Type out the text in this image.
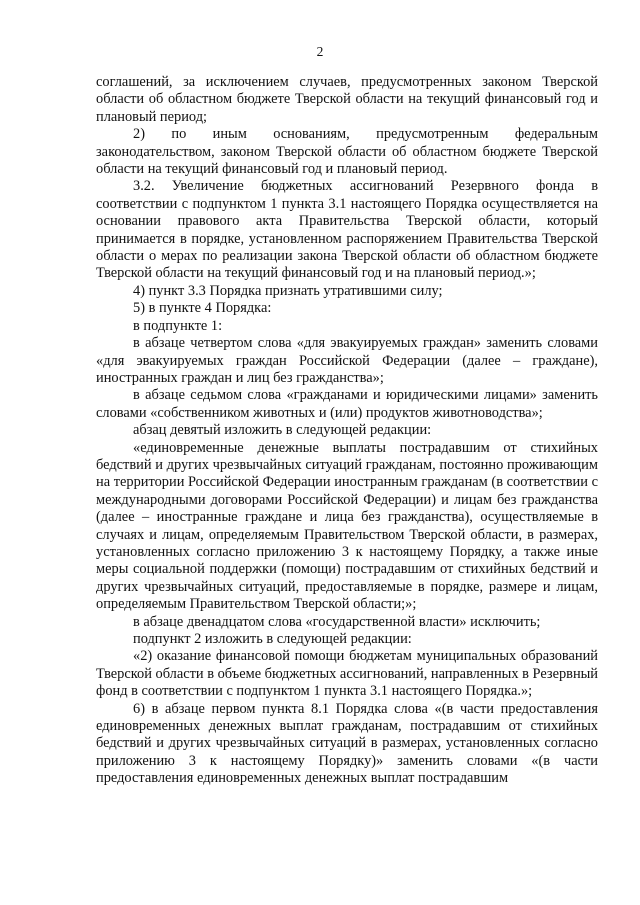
2

соглашений, за исключением случаев, предусмотренных законом Тверской области об областном бюджете Тверской области на текущий финансовый год и плановый период;

2) по иным основаниям, предусмотренным федеральным законодательством, законом Тверской области об областном бюджете Тверской области на текущий финансовый год и плановый период.

3.2. Увеличение бюджетных ассигнований Резервного фонда в соответствии с подпунктом 1 пункта 3.1 настоящего Порядка осуществляется на основании правового акта Правительства Тверской области, который принимается в порядке, установленном распоряжением Правительства Тверской области о мерах по реализации закона Тверской области об областном бюджете Тверской области на текущий финансовый год и на плановый период.»;

4) пункт 3.3 Порядка признать утратившими силу;

5) в пункте 4 Порядка:

в подпункте 1:

в абзаце четвертом слова «для эвакуируемых граждан» заменить словами «для эвакуируемых граждан Российской Федерации (далее – граждане), иностранных граждан и лиц без гражданства»;

в абзаце седьмом слова «гражданами и юридическими лицами» заменить словами «собственником животных и (или) продуктов животноводства»;

абзац девятый изложить в следующей редакции:

«единовременные денежные выплаты пострадавшим от стихийных бедствий и других чрезвычайных ситуаций гражданам, постоянно проживающим на территории Российской Федерации иностранным гражданам (в соответствии с международными договорами Российской Федерации) и лицам без гражданства (далее – иностранные граждане и лица без гражданства), осуществляемые в случаях и лицам, определяемым Правительством Тверской области, в размерах, установленных согласно приложению 3 к настоящему Порядку, а также иные меры социальной поддержки (помощи) пострадавшим от стихийных бедствий и других чрезвычайных ситуаций, предоставляемые в порядке, размере и лицам, определяемым Правительством Тверской области;»;

в абзаце двенадцатом слова «государственной власти» исключить;

подпункт 2 изложить в следующей редакции:

«2) оказание финансовой помощи бюджетам муниципальных образований Тверской области в объеме бюджетных ассигнований, направленных в Резервный фонд в соответствии с подпунктом 1 пункта 3.1 настоящего Порядка.»;

6) в абзаце первом пункта 8.1 Порядка слова «(в части предоставления единовременных денежных выплат гражданам, пострадавшим от стихийных бедствий и других чрезвычайных ситуаций в размерах, установленных согласно приложению 3 к настоящему Порядку)» заменить словами «(в части предоставления единовременных денежных выплат пострадавшим
